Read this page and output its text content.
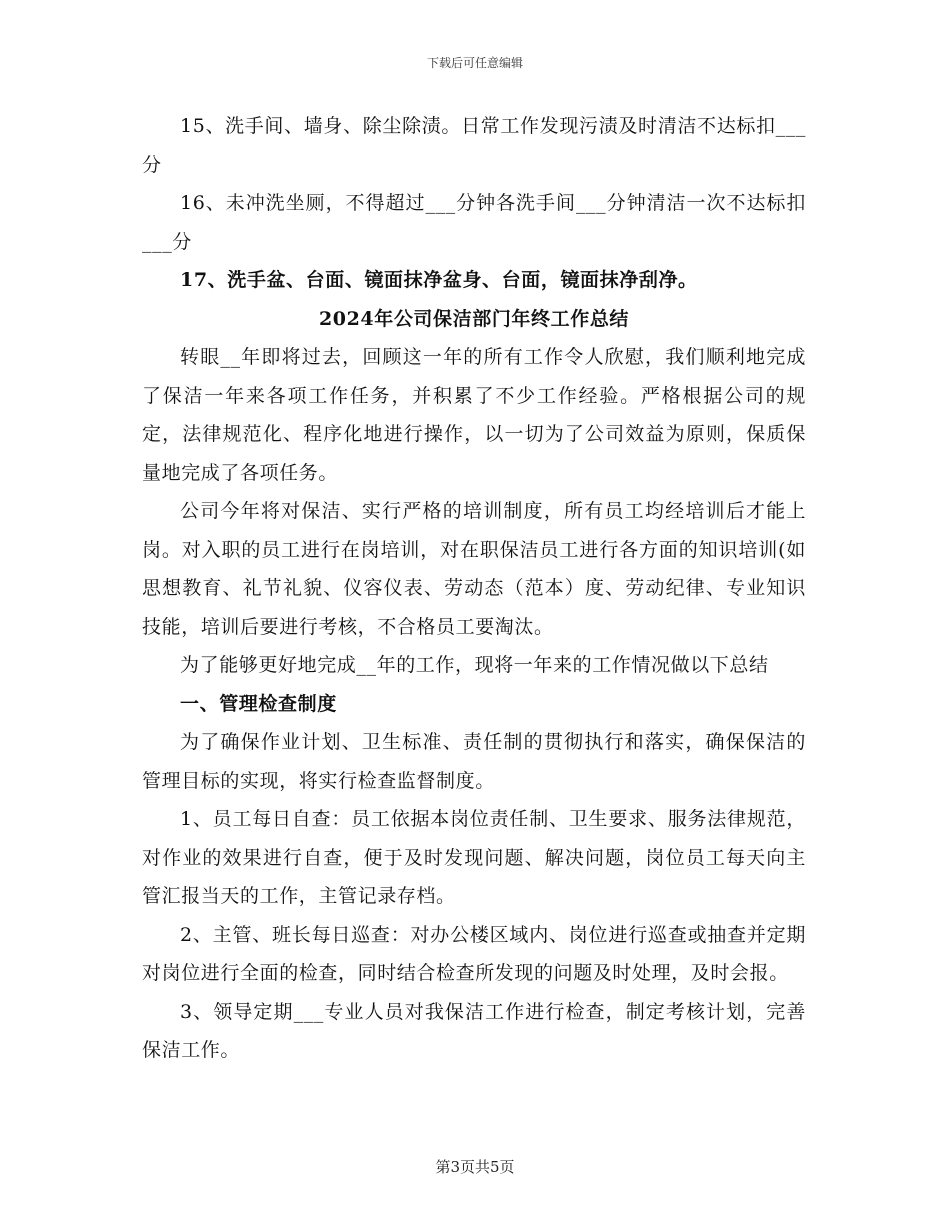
下载后可任意编辑

15、洗手间、墙身、除尘除渍。日常工作发现污渍及时清洁不达标扣___分

16、未冲洗坐厕，不得超过___分钟各洗手间___分钟清洁一次不达标扣___分

17、洗手盆、台面、镜面抹净盆身、台面，镜面抹净刮净。

2024年公司保洁部门年终工作总结

转眼__年即将过去，回顾这一年的所有工作令人欣慰，我们顺利地完成了保洁一年来各项工作任务，并积累了不少工作经验。严格根据公司的规定，法律规范化、程序化地进行操作，以一切为了公司效益为原则，保质保量地完成了各项任务。

公司今年将对保洁、实行严格的培训制度，所有员工均经培训后才能上岗。对入职的员工进行在岗培训，对在职保洁员工进行各方面的知识培训(如思想教育、礼节礼貌、仪容仪表、劳动态（范本）度、劳动纪律、专业知识技能，培训后要进行考核，不合格员工要淘汰。

为了能够更好地完成__年的工作，现将一年来的工作情况做以下总结

一、管理检查制度

为了确保作业计划、卫生标准、责任制的贯彻执行和落实，确保保洁的管理目标的实现，将实行检查监督制度。

1、员工每日自查：员工依据本岗位责任制、卫生要求、服务法律规范，对作业的效果进行自查，便于及时发现问题、解决问题，岗位员工每天向主管汇报当天的工作，主管记录存档。

2、主管、班长每日巡查：对办公楼区域内、岗位进行巡查或抽查并定期对岗位进行全面的检查，同时结合检查所发现的问题及时处理，及时会报。

3、领导定期___专业人员对我保洁工作进行检查，制定考核计划，完善保洁工作。

第3页共5页
